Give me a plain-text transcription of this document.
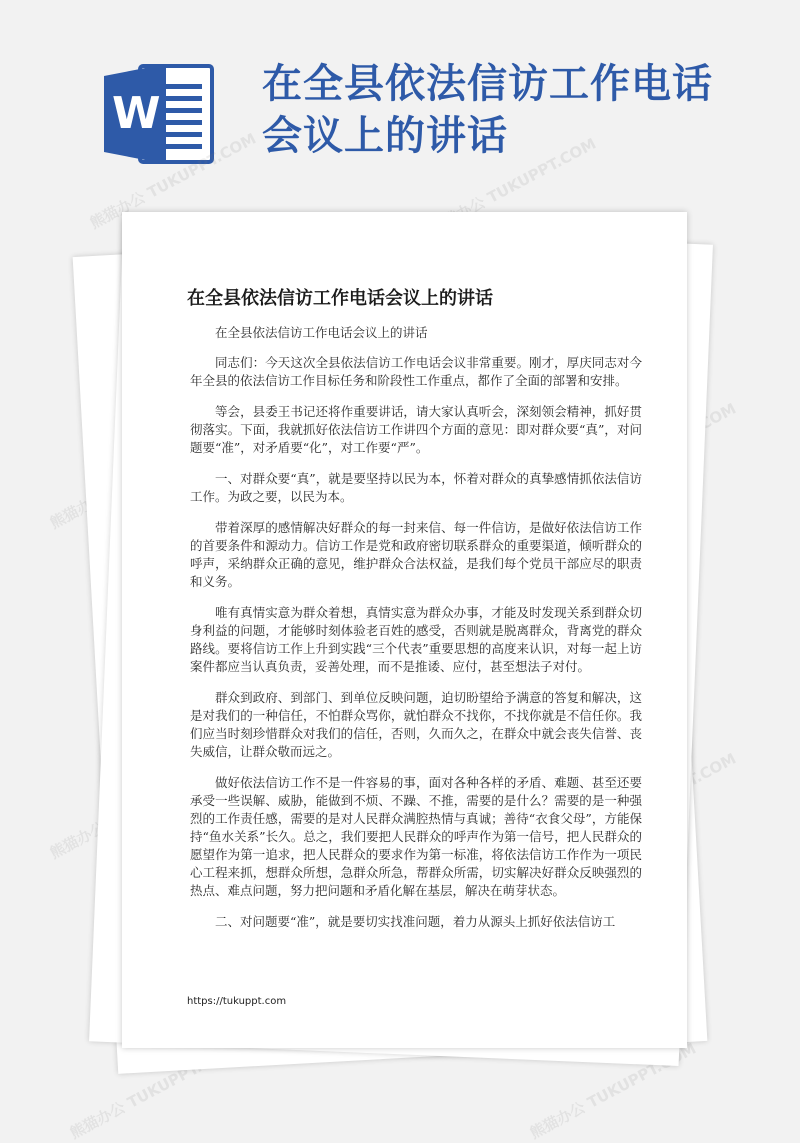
W
在全县依法信访工作电话会议上的讲话
熊猫办公 TUKUPPT.COM	熊猫办公 TUKUPPT.COM
熊猫办公
熊猫办公
熊猫办公 TUKUPPT.COM	熊猫办公 TUKUPPT.COM
在全县依法信访工作电话会议上的讲话

在全县依法信访工作电话会议上的讲话

同志们：今天这次全县依法信访工作电话会议非常重要。刚才，厚庆同志对今年全县的依法信访工作目标任务和阶段性工作重点，都作了全面的部署和安排。

等会，县委王书记还将作重要讲话，请大家认真听会，深刻领会精神，抓好贯彻落实。下面，我就抓好依法信访工作讲四个方面的意见：即对群众要“真”，对问题要“准”，对矛盾要“化”，对工作要“严”。

一、对群众要“真”，就是要坚持以民为本，怀着对群众的真挚感情抓依法信访工作。为政之要，以民为本。

带着深厚的感情解决好群众的每一封来信、每一件信访，是做好依法信访工作的首要条件和源动力。信访工作是党和政府密切联系群众的重要渠道，倾听群众的呼声，采纳群众正确的意见，维护群众合法权益，是我们每个党员干部应尽的职责和义务。

唯有真情实意为群众着想，真情实意为群众办事，才能及时发现关系到群众切身利益的问题，才能够时刻体验老百姓的感受，否则就是脱离群众，背离党的群众路线。要将信访工作上升到实践“三个代表”重要思想的高度来认识，对每一起上访案件都应当认真负责，妥善处理，而不是推诿、应付，甚至想法子对付。

群众到政府、到部门、到单位反映问题，迫切盼望给予满意的答复和解决，这是对我们的一种信任，不怕群众骂你，就怕群众不找你，不找你就是不信任你。我们应当时刻珍惜群众对我们的信任，否则，久而久之，在群众中就会丧失信誉、丧失威信，让群众敬而远之。

做好依法信访工作不是一件容易的事，面对各种各样的矛盾、难题、甚至还要承受一些误解、威胁，能做到不烦、不躁、不推，需要的是什么？需要的是一种强烈的工作责任感，需要的是对人民群众满腔热情与真诚；善待“衣食父母”，方能保持“鱼水关系”长久。总之，我们要把人民群众的呼声作为第一信号，把人民群众的愿望作为第一追求，把人民群众的要求作为第一标准，将依法信访工作作为一项民心工程来抓，想群众所想，急群众所急，帮群众所需，切实解决好群众反映强烈的热点、难点问题，努力把问题和矛盾化解在基层，解决在萌芽状态。

二、对问题要“准”，就是要切实找准问题，着力从源头上抓好依法信访工

https://tukuppt.com
